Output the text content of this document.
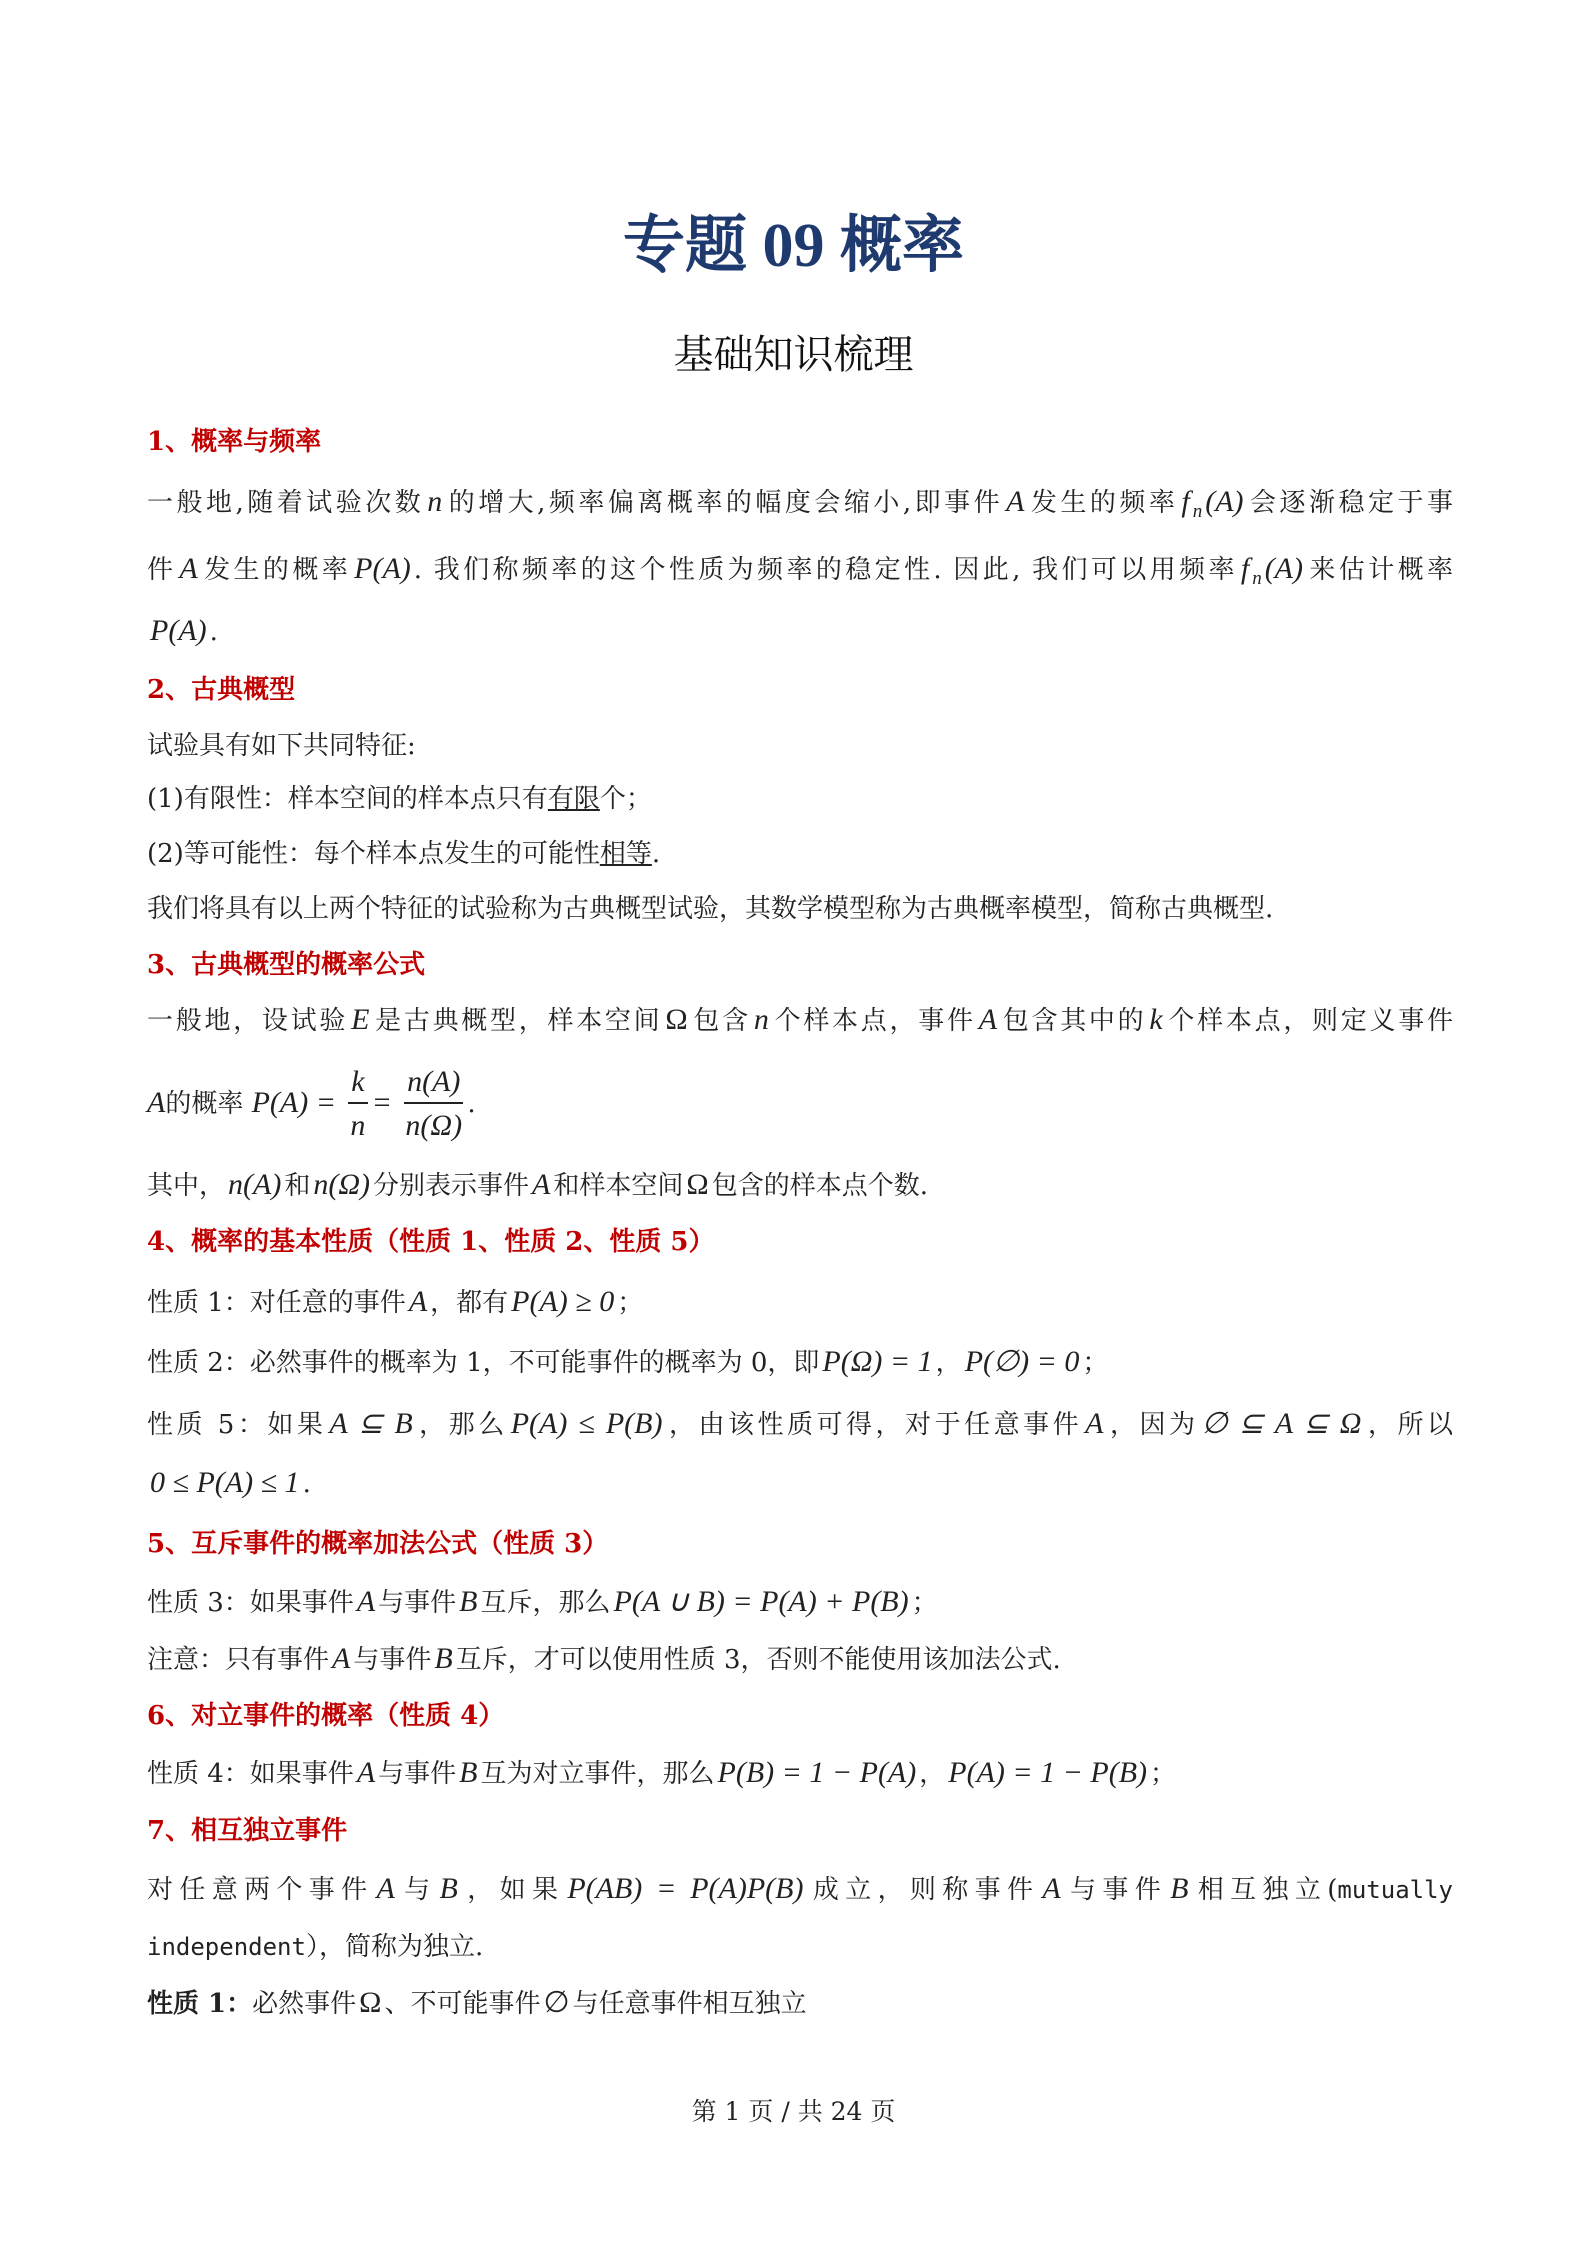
专题 09 概率
基础知识梳理
1、概率与频率
一般地,随着试验次数 n 的增大,频率偏离概率的幅度会缩小,即事件 A 发生的频率 f $_n$ (A) 会逐渐稳定于事
件 A 发生的概率 P(A) . 我们称频率的这个性质为频率的稳定性. 因此, 我们可以用频率 f $_n$ (A) 来估计概率
P(A) .
2、古典概型
试验具有如下共同特征:
(1)有限性：样本空间的样本点只有有限个；
(2)等可能性：每个样本点发生的可能性相等.
我们将具有以上两个特征的试验称为古典概型试验，其数学模型称为古典概率模型，简称古典概型.
3、古典概型的概率公式
一般地，设试验 E 是古典概型，样本空间 Ω 包含 n 个样本点，事件 A 包含其中的 k 个样本点，则定义事件
其中， n(A) 和 n(Ω) 分别表示事件 A 和样本空间 Ω 包含的样本点个数.
4、概率的基本性质（性质 1、性质 2、性质 5）
性质 1：对任意的事件 A ，都有 P(A) ≥ 0 ；
性质 2：必然事件的概率为 1，不可能事件的概率为 0，即 P(Ω) = 1 ， P(∅) = 0 ；
性质 5：如果 A ⊆ B ，那么 P(A) ≤ P(B) ，由该性质可得，对于任意事件 A ，因为 ∅ ⊆ A ⊆ Ω ，所以
0 ≤ P(A) ≤ 1 .
5、互斥事件的概率加法公式（性质 3）
性质 3：如果事件 A 与事件 B 互斥，那么 P(A ∪ B) = P(A) + P(B) ；
注意：只有事件 A 与事件 B 互斥，才可以使用性质 3，否则不能使用该加法公式.
6、对立事件的概率（性质 4）
性质 4：如果事件 A 与事件 B 互为对立事件，那么 P(B) = 1 − P(A) ， P(A) = 1 − P(B) ；
7、相互独立事件
对任意两个事件 A 与 B ，如果 P(AB) = P(A)P(B) 成立，则称事件 A 与事件 B 相互独立(mutually
independent），简称为独立.
性质 1：必然事件 Ω 、不可能事件 ∅ 与任意事件相互独立
A的概率 $P(A) = \frac{k}{n} = \frac{n(A)}{n(\Omega)}$ .
第 1 页 / 共 24 页
